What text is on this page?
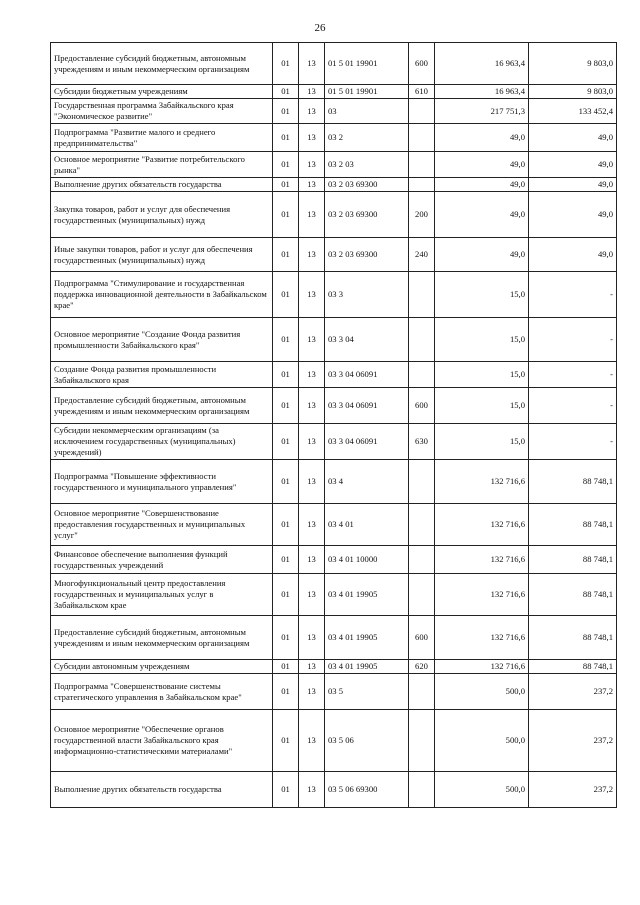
26
Предоставление субсидий бюджетным, автономным учреждениям и иным некоммерческим организациям	01	13	01 5 01 19901	600	16 963,4	9 803,0
Субсидии бюджетным учреждениям	01	13	01 5 01 19901	610	16 963,4	9 803,0
Государственная программа Забайкальского края "Экономическое развитие"	01	13	03		217 751,3	133 452,4
Подпрограмма "Развитие малого и среднего предпринимательства"	01	13	03 2		49,0	49,0
Основное мероприятие "Развитие потребительского рынка"	01	13	03 2 03		49,0	49,0
Выполнение других обязательств государства	01	13	03 2 03 69300		49,0	49,0
Закупка товаров, работ и услуг для обеспечения государственных (муниципальных) нужд	01	13	03 2 03 69300	200	49,0	49,0
Иные закупки товаров, работ и услуг для обеспечения государственных (муниципальных) нужд	01	13	03 2 03 69300	240	49,0	49,0
Подпрограмма "Стимулирование и государственная поддержка инновационной деятельности в Забайкальском крае"	01	13	03 3		15,0	-
Основное мероприятие "Создание Фонда развития промышленности Забайкальского края"	01	13	03 3 04		15,0	-
Создание Фонда развития промышленности Забайкальского края	01	13	03 3 04 06091		15,0	-
Предоставление субсидий бюджетным, автономным учреждениям и иным некоммерческим организациям	01	13	03 3 04 06091	600	15,0	-
Субсидии некоммерческим организациям (за исключением государственных (муниципальных) учреждений)	01	13	03 3 04 06091	630	15,0	-
Подпрограмма "Повышение эффективности государственного и муниципального управления"	01	13	03 4		132 716,6	88 748,1
Основное мероприятие "Совершенствование предоставления государственных и муниципальных услуг"	01	13	03 4 01		132 716,6	88 748,1
Финансовое обеспечение выполнения функций государственных учреждений	01	13	03 4 01 10000		132 716,6	88 748,1
Многофункциональный центр предоставления государственных и муниципальных услуг в Забайкальском крае	01	13	03 4 01 19905		132 716,6	88 748,1
Предоставление субсидий бюджетным, автономным учреждениям и иным некоммерческим организациям	01	13	03 4 01 19905	600	132 716,6	88 748,1
Субсидии автономным учреждениям	01	13	03 4 01 19905	620	132 716,6	88 748,1
Подпрограмма "Совершенствование системы стратегического управления в Забайкальском крае"	01	13	03 5		500,0	237,2
Основное мероприятие "Обеспечение органов государственной власти Забайкальского края информационно-статистическими материалами"	01	13	03 5 06		500,0	237,2
Выполнение других обязательств государства	01	13	03 5 06 69300		500,0	237,2
